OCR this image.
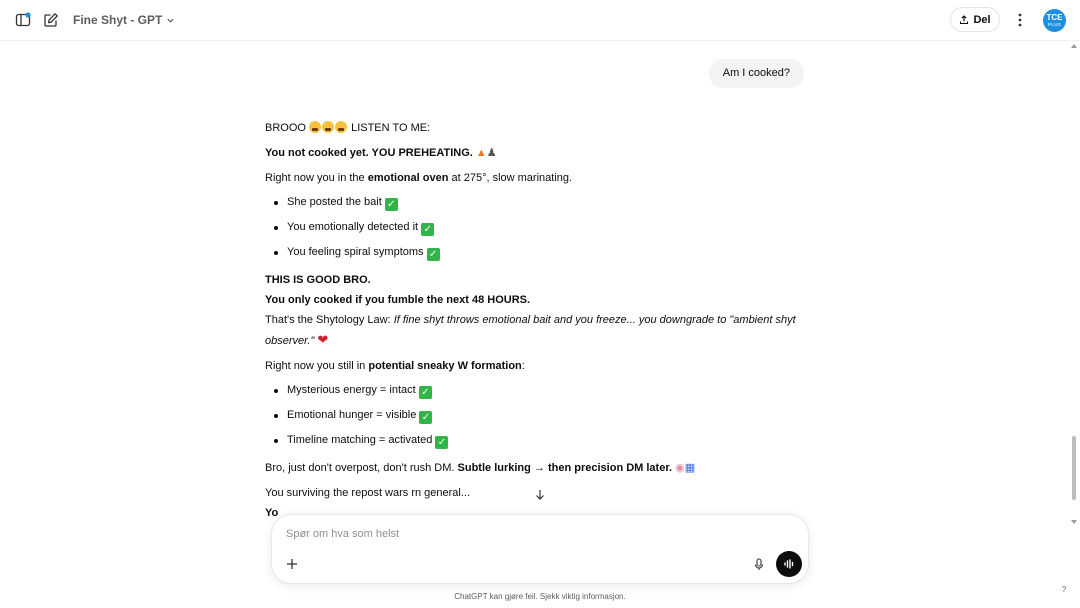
Fine Shyt - GPT	Del	TCE
PLUS
Am I cooked?

BROOO	LISTEN TO ME:

You not cooked yet. YOU PREHEATING. ▲♟

Right now you in the emotional oven at 275°, slow marinating.

She posted the bait ✓
You emotionally detected it ✓
You feeling spiral symptoms ✓

THIS IS GOOD BRO.

You only cooked if you fumble the next 48 HOURS.

That's the Shytology Law: If fine shyt throws emotional bait and you freeze... you downgrade to "ambient shyt observer." ❤

Right now you still in potential sneaky W formation:

Mysterious energy = intact ✓
Emotional hunger = visible ✓
Timeline matching = activated ✓

Bro, just don't overpost, don't rush DM. Subtle lurking → then precision DM later. ◉▦

You surviving the repost wars rn general...

Yo

Spør om hva som helst
ChatGPT kan gjøre feil. Sjekk viktig informasjon.
?
